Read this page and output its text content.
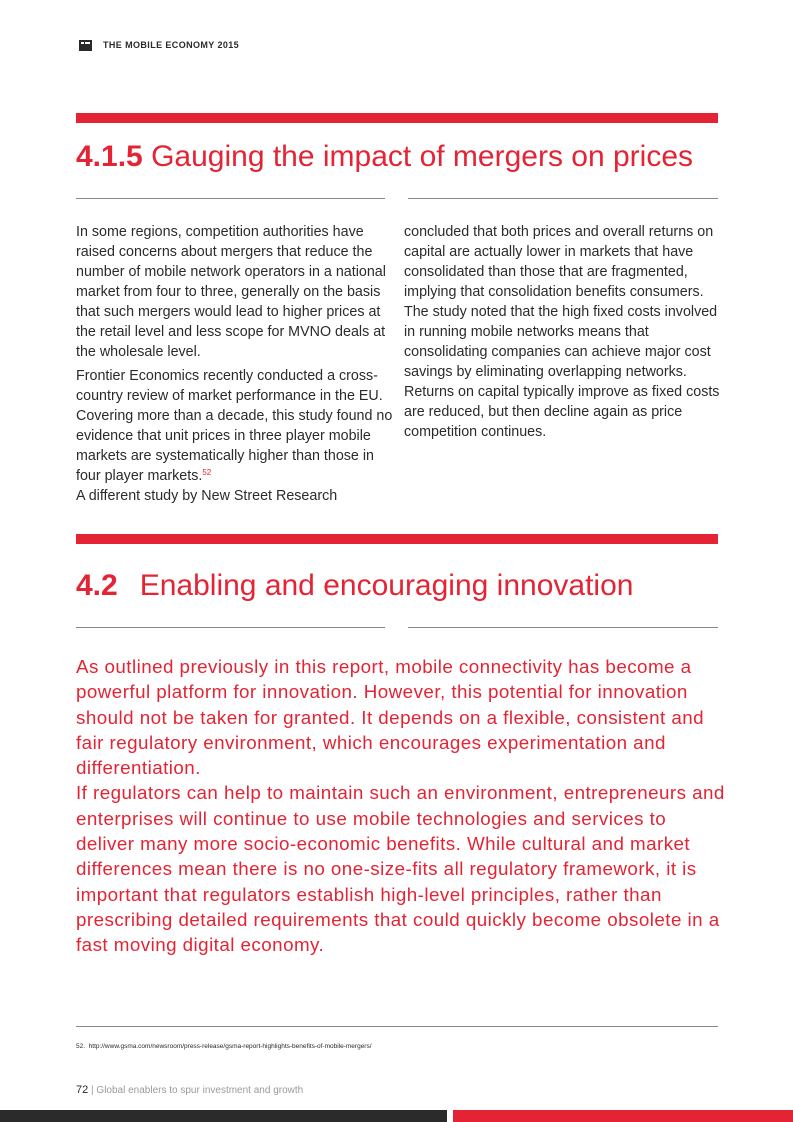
THE MOBILE ECONOMY 2015
4.1.5 Gauging the impact of mergers on prices

In some regions, competition authorities have raised concerns about mergers that reduce the number of mobile network operators in a national market from four to three, generally on the basis that such mergers would lead to higher prices at the retail level and less scope for MVNO deals at the wholesale level.

Frontier Economics recently conducted a cross-country review of market performance in the EU. Covering more than a decade, this study found no evidence that unit prices in three player mobile markets are systematically higher than those in four player markets.$^{52}$

A different study by New Street Research

concluded that both prices and overall returns on capital are actually lower in markets that have consolidated than those that are fragmented, implying that consolidation benefits consumers. The study noted that the high fixed costs involved in running mobile networks means that consolidating companies can achieve major cost savings by eliminating overlapping networks. Returns on capital typically improve as fixed costs are reduced, but then decline again as price competition continues.

4.2 Enabling and encouraging innovation

As outlined previously in this report, mobile connectivity has become a powerful platform for innovation. However, this potential for innovation should not be taken for granted. It depends on a flexible, consistent and fair regulatory environment, which encourages experimentation and differentiation.

If regulators can help to maintain such an environment, entrepreneurs and enterprises will continue to use mobile technologies and services to deliver many more socio-economic benefits. While cultural and market differences mean there is no one-size-fits all regulatory framework, it is important that regulators establish high-level principles, rather than prescribing detailed requirements that could quickly become obsolete in a fast moving digital economy.

52. http://www.gsma.com/newsroom/press-release/gsma-report-highlights-benefits-of-mobile-mergers/
72 | Global enablers to spur investment and growth
